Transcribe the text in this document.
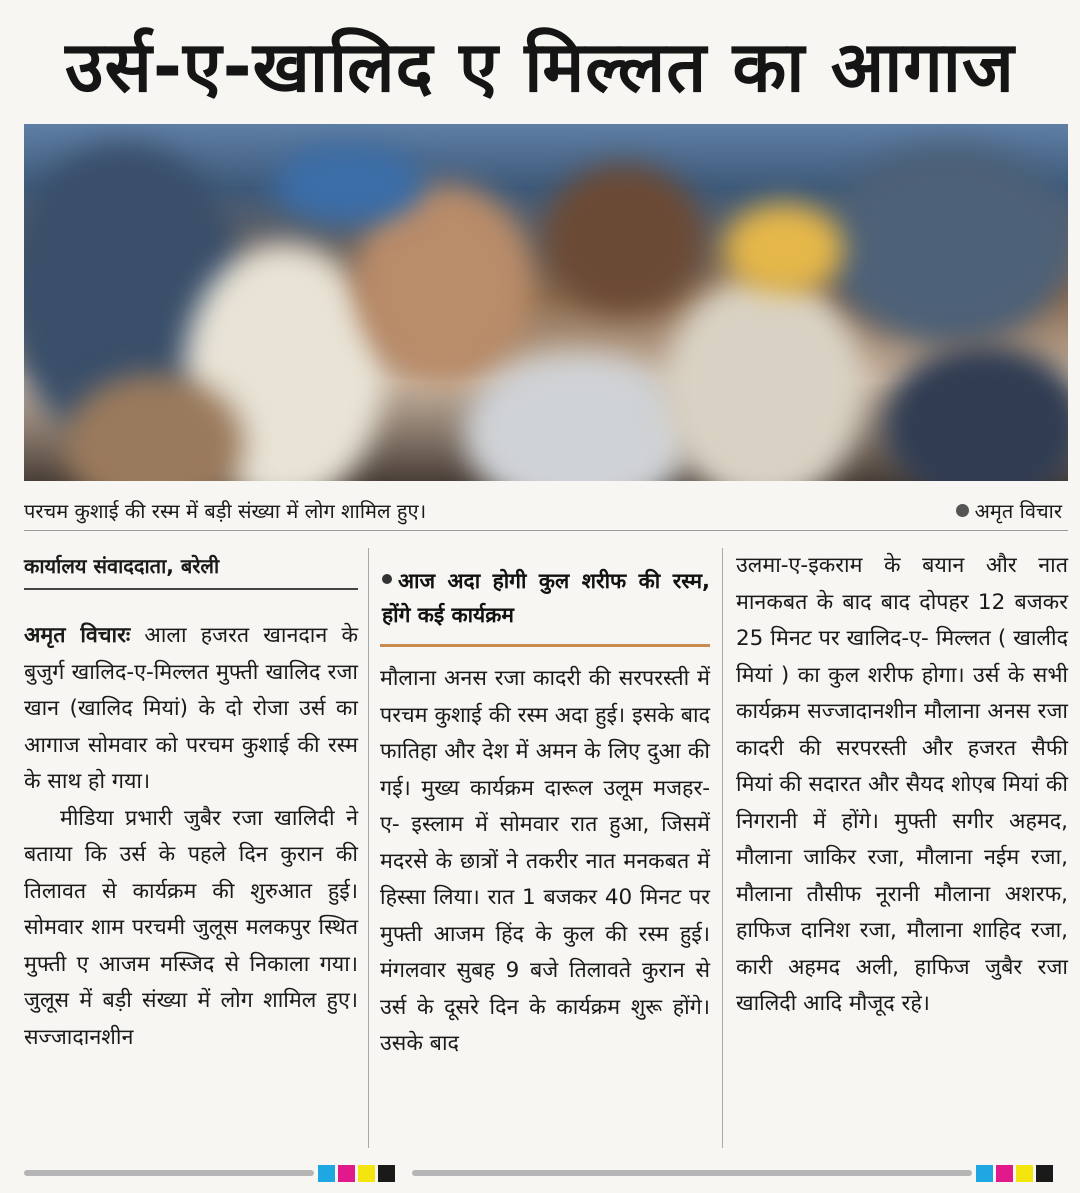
उर्स-ए-खालिद ए मिल्लत का आगाज
परचम कुशाई की रस्म में बड़ी संख्या में लोग शामिल हुए।	अमृत विचार
कार्यालय संवाददाता, बरेली

अमृत विचारः आला हजरत खानदान के बुजुर्ग खालिद-ए-मिल्लत मुफ्ती खालिद रजा खान (खालिद मियां) के दो रोजा उर्स का आगाज सोमवार को परचम कुशाई की रस्म के साथ हो गया।

मीडिया प्रभारी जुबैर रजा खालिदी ने बताया कि उर्स के पहले दिन कुरान की तिलावत से कार्यक्रम की शुरुआत हुई। सोमवार शाम परचमी जुलूस मलकपुर स्थित मुफ्ती ए आजम मस्जिद से निकाला गया। जुलूस में बड़ी संख्या में लोग शामिल हुए। सज्जादानशीन

आज अदा होगी कुल शरीफ की रस्म, होंगे कई कार्यक्रम

मौलाना अनस रजा कादरी की सरपरस्ती में परचम कुशाई की रस्म अदा हुई। इसके बाद फातिहा और देश में अमन के लिए दुआ की गई। मुख्य कार्यक्रम दारूल उलूम मजहर-ए- इस्लाम में सोमवार रात हुआ, जिसमें मदरसे के छात्रों ने तकरीर नात मनकबत में हिस्सा लिया। रात 1 बजकर 40 मिनट पर मुफ्ती आजम हिंद के कुल की रस्म हुई। मंगलवार सुबह 9 बजे तिलावते कुरान से उर्स के दूसरे दिन के कार्यक्रम शुरू होंगे। उसके बाद

उलमा-ए-इकराम के बयान और नात मानकबत के बाद बाद दोपहर 12 बजकर 25 मिनट पर खालिद-ए- मिल्लत ( खालीद मियां ) का कुल शरीफ होगा। उर्स के सभी कार्यक्रम सज्जादानशीन मौलाना अनस रजा कादरी की सरपरस्ती और हजरत सैफी मियां की सदारत और सैयद शोएब मियां की निगरानी में होंगे। मुफ्ती सगीर अहमद, मौलाना जाकिर रजा, मौलाना नईम रजा, मौलाना तौसीफ नूरानी मौलाना अशरफ, हाफिज दानिश रजा, मौलाना शाहिद रजा, कारी अहमद अली, हाफिज जुबैर रजा खालिदी आदि मौजूद रहे।
